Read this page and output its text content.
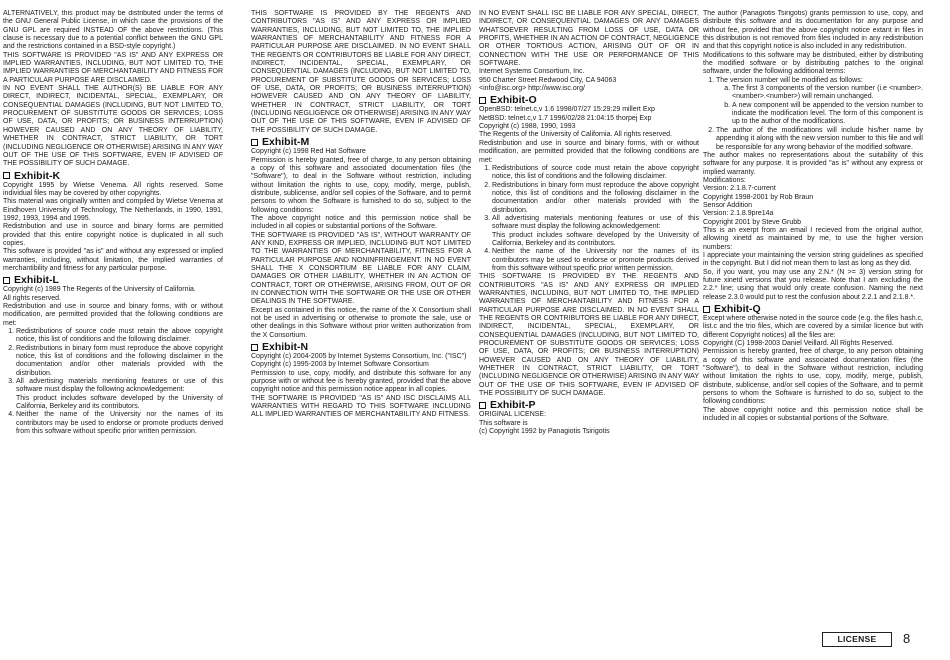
ALTERNATIVELY, this product may be distributed under the terms of the GNU General Public License, in which case the provisions of the GNU GPL are required INSTEAD OF the above restrictions. (This clause is necessary due to a potential conflict between the GNU GPL and the restrictions contained in a BSD-style copyright.)

THIS SOFTWARE IS PROVIDED "AS IS" AND ANY EXPRESS OR IMPLIED WARRANTIES, INCLUDING, BUT NOT LIMITED TO, THE IMPLIED WARRANTIES OF MERCHANTABILITY AND FITNESS FOR A PARTICULAR PURPOSE ARE DISCLAIMED.

IN NO EVENT SHALL THE AUTHOR(S) BE LIABLE FOR ANY DIRECT, INDIRECT, INCIDENTAL, SPECIAL, EXEMPLARY, OR CONSEQUENTIAL DAMAGES (INCLUDING, BUT NOT LIMITED TO, PROCUREMENT OF SUBSTITUTE GOODS OR SERVICES; LOSS OF USE, DATA, OR PROFITS; OR BUSINESS INTERRUPTION) HOWEVER CAUSED AND ON ANY THEORY OF LIABILITY, WHETHER IN CONTRACT, STRICT LIABILITY, OR TORT (INCLUDING NEGLIGENCE OR OTHERWISE) ARISING IN ANY WAY OUT OF THE USE OF THIS SOFTWARE, EVEN IF ADVISED OF THE POSSIBILITY OF SUCH DAMAGE.

Exhibit-K

Copyright 1995 by Wietse Venema. All rights reserved. Some individual files may be covered by other copyrights.

This material was originally written and compiled by Wietse Venema at Eindhoven University of Technology, The Netherlands, in 1990, 1991, 1992, 1993, 1994 and 1995.

Redistribution and use in source and binary forms are permitted provided that this entire copyright notice is duplicated in all such copies.

This software is provided "as is" and without any expressed or implied warranties, including, without limitation, the implied warranties of merchantibility and fitness for any particular purpose.

Exhibit-L

Copyright (c) 1989 The Regents of the University of California.

All rights reserved.

Redistribution and use in source and binary forms, with or without modification, are permitted provided that the following conditions are met:

1. Redistributions of source code must retain the above copyright notice, this list of conditions and the following disclaimer.
2. Redistributions in binary form must reproduce the above copyright notice, this list of conditions and the following disclaimer in the documentation and/or other materials provided with the distribution.
3. All advertising materials mentioning features or use of this software must display the following acknowledgement:
This product includes software developed by the University of California, Berkeley and its contributors.
4. Neither the name of the University nor the names of its contributors may be used to endorse or promote products derived from this software without specific prior written permission.

THIS SOFTWARE IS PROVIDED BY THE REGENTS AND CONTRIBUTORS "AS IS" AND ANY EXPRESS OR IMPLIED WARRANTIES, INCLUDING, BUT NOT LIMITED TO, THE IMPLIED WARRANTIES OF MERCHANTABILITY AND FITNESS FOR A PARTICULAR PURPOSE ARE DISCLAIMED. IN NO EVENT SHALL THE REGENTS OR CONTRIBUTORS BE LIABLE FOR ANY DIRECT, INDIRECT, INCIDENTAL, SPECIAL, EXEMPLARY, OR CONSEQUENTIAL DAMAGES (INCLUDING, BUT NOT LIMITED TO, PROCUREMENT OF SUBSTITUTE GOODS OR SERVICES; LOSS OF USE, DATA, OR PROFITS; OR BUSINESS INTERRUPTION) HOWEVER CAUSED AND ON ANY THEORY OF LIABILITY, WHETHER IN CONTRACT, STRICT LIABILITY, OR TORT (INCLUDING NEGLIGENCE OR OTHERWISE) ARISING IN ANY WAY OUT OF THE USE OF THIS SOFTWARE, EVEN IF ADVISED OF THE POSSIBILITY OF SUCH DAMAGE.

Exhibit-M

Copyright (c) 1998 Red Hat Software

Permission is hereby granted, free of charge, to any person obtaining a copy of this software and associated documentation files (the "Software"), to deal in the Software without restriction, including without limitation the rights to use, copy, modify, merge, publish, distribute, sublicense, and/or sell copies of the Software, and to permit persons to whom the Software is furnished to do so, subject to the following conditions:

The above copyright notice and this permission notice shall be included in all copies or substantial portions of the Software.

THE SOFTWARE IS PROVIDED "AS IS", WITHOUT WARRANTY OF ANY KIND, EXPRESS OR IMPLIED, INCLUDING BUT NOT LIMITED TO THE WARRANTIES OF MERCHANTABILITY, FITNESS FOR A PARTICULAR PURPOSE AND NONINFRINGEMENT. IN NO EVENT SHALL THE X CONSORTIUM BE LIABLE FOR ANY CLAIM, DAMAGES OR OTHER LIABILITY, WHETHER IN AN ACTION OF CONTRACT, TORT OR OTHERWISE, ARISING FROM, OUT OF OR IN CONNECTION WITH THE SOFTWARE OR THE USE OR OTHER DEALINGS IN THE SOFTWARE.

Except as contained in this notice, the name of the X Consortium shall not be used in advertising or otherwise to promote the sale, use or other dealings in this Software without prior written authorization from the X Consortium.

Exhibit-N

Copyright (c) 2004-2005 by Internet Systems Consortium, Inc. ("ISC")

Copyright (c) 1995-2003 by Internet Software Consortium

Permission to use, copy, modify, and distribute this software for any purpose with or without fee is hereby granted, provided that the above copyright notice and this permission notice appear in all copies.

THE SOFTWARE IS PROVIDED "AS IS" AND ISC DISCLAIMS ALL WARRANTIES WITH REGARD TO THIS SOFTWARE INCLUDING ALL IMPLIED WARRANTIES OF MERCHANTABILITY AND FITNESS.

IN NO EVENT SHALL ISC BE LIABLE FOR ANY SPECIAL, DIRECT, INDIRECT, OR CONSEQUENTIAL DAMAGES OR ANY DAMAGES WHATSOEVER RESULTING FROM LOSS OF USE, DATA OR PROFITS, WHETHER IN AN ACTION OF CONTRACT, NEGLIGENCE OR OTHER TORTIOUS ACTION, ARISING OUT OF OR IN CONNECTION WITH THE USE OR PERFORMANCE OF THIS SOFTWARE.

Internet Systems Consortium, Inc.

950 Charter Street Redwood City, CA 94063

<info@isc.org> http://www.isc.org/

Exhibit-O

OpenBSD: telnet.c,v 1.6 1998/07/27 15:29:29 millert Exp

NetBSD: telnet.c,v 1.7 1996/02/28 21:04:15 thorpej Exp

Copyright (c) 1988, 1990, 1993

The Regents of the University of California. All rights reserved.

Redistribution and use in source and binary forms, with or without modification, are permitted provided that the following conditions are met:

1. Redistributions of source code must retain the above copyright notice, this list of conditions and the following disclaimer.
2. Redistributions in binary form must reproduce the above copyright notice, this list of conditions and the following disclaimer in the documentation and/or other materials provided with the distribution.
3. All advertising materials mentioning features or use of this software must display the following acknowledgement:
This product includes software developed by the University of California, Berkeley and its contributors.
4. Neither the name of the University nor the names of its contributors may be used to endorse or promote products derived from this software without specific prior written permission.

THIS SOFTWARE IS PROVIDED BY THE REGENTS AND CONTRIBUTORS "AS IS" AND ANY EXPRESS OR IMPLIED WARRANTIES, INCLUDING, BUT NOT LIMITED TO, THE IMPLIED WARRANTIES OF MERCHANTABILITY AND FITNESS FOR A PARTICULAR PURPOSE ARE DISCLAIMED. IN NO EVENT SHALL THE REGENTS OR CONTRIBUTORS BE LIABLE FOR ANY DIRECT, INDIRECT, INCIDENTAL, SPECIAL, EXEMPLARY, OR CONSEQUENTIAL DAMAGES (INCLUDING, BUT NOT LIMITED TO, PROCUREMENT OF SUBSTITUTE GOODS OR SERVICES; LOSS OF USE, DATA, OR PROFITS; OR BUSINESS INTERRUPTION) HOWEVER CAUSED AND ON ANY THEORY OF LIABILITY, WHETHER IN CONTRACT, STRICT LIABILITY, OR TORT (INCLUDING NEGLIGENCE OR OTHERWISE) ARISING IN ANY WAY OUT OF THE USE OF THIS SOFTWARE, EVEN IF ADVISED OF THE POSSIBILITY OF SUCH DAMAGE.

Exhibit-P

ORIGINAL LICENSE:

This software is

(c) Copyright 1992 by Panagiotis Tsirigotis

The author (Panagiotis Tsirigotis) grants permission to use, copy, and distribute this software and its documentation for any purpose and without fee, provided that the above copyright notice extant in files in this distribution is not removed from files included in any redistribution and that this copyright notice is also included in any redistribution.

Modifications to this software may be distributed, either by distributing the modified software or by distributing patches to the original software, under the following additional terms:

1. The version number will be modified as follows:
a. The first 3 components of the version number (i.e <number>.<number>.<number>) will remain unchanged.
b. A new component will be appended to the version number to indicate the modification level. The form of this component is up to the author of the modifications.
2. The author of the modifications will include his/her name by appending it along with the new version number to this file and will be responsible for any wrong behavior of the modified software.

The author makes no representations about the suitability of this software for any purpose. It is provided "as is" without any express or implied warranty.

Modifications:

Version: 2.1.8.7-current

Copyright 1998-2001 by Rob Braun

Sensor Addition

Version: 2.1.8.9pre14a

Copyright 2001 by Steve Grubb

This is an exerpt from an email I recieved from the original author, allowing xinetd as maintained by me, to use the higher version numbers:

I appreciate your maintaining the version string guidelines as specified in the copyright. But I did not mean them to last as long as they did.

So, if you want, you may use any 2.N.* (N >= 3) version string for future xinetd versions that you release. Note that I am excluding the 2.2.* line; using that would only create confusion. Naming the next release 2.3.0 would put to rest the confusion about 2.2.1 and 2.1.8.*.

Exhibit-Q

Except where otherwise noted in the source code (e.g. the files hash.c, list.c and the trio files, which are covered by a similar licence but with different Copyright notices) all the files are:

Copyright (C) 1998-2003 Daniel Veillard. All Rights Reserved.

Permission is hereby granted, free of charge, to any person obtaining a copy of this software and associated documentation files (the "Software"), to deal in the Software without restriction, including without limitation the rights to use, copy, modify, merge, publish, distribute, sublicense, and/or sell copies of the Software, and to permit persons to whom the Software is furnished to do so, subject to the following conditions:

The above copyright notice and this permission notice shall be included in all copies or substantial portions of the Software.

LICENSE	8
